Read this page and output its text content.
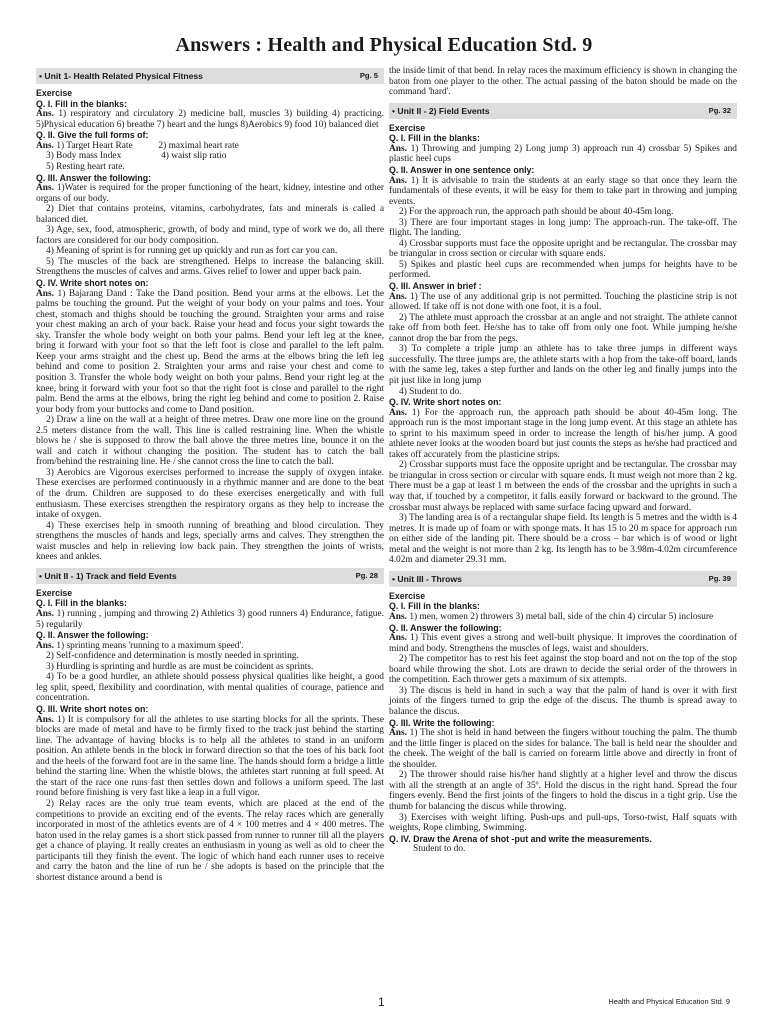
Answers : Health and Physical Education Std. 9
• Unit 1- Health Related Physical Fitness	Pg. 5
Exercise
Q. I. Fill in the blanks:

Ans. 1) respiratory and circulatory 2) medicine ball, muscles 3) building 4) practicing. 5)Physical education 6) breathe 7) heart and the lungs 8)Aerobics 9) food 10) balanced diet

Q. II. Give the full forms of:

Ans. 1) Target Heart Rate           2) maximal heart rate

3) Body mass Index                 4) waist slip ratio

5) Resting heart rate.

Q. III. Answer the following:

Ans. 1)Water is required for the proper functioning of the heart, kidney, intestine and other organs of our body.

2) Diet that contains proteins, vitamins, carbohydrates, fats and minerals is called a balanced diet.

3) Age, sex, food, atmospheric, growth, of body and mind, type of work we do, all there factors are considered for our body composition.

4) Meaning of sprint is for running get up quickly and run as fort car you can.

5) The muscles of the back are strengthened. Helps to increase the balancing skill. Strengthens the muscles of calves and arms. Gives relief to lower and upper back pain.

Q. IV. Write short notes on:

Ans. 1) Bajarang Dand : Take the Dand position. Bend your arms at the elbows. Let the palms be touching the ground. Put the weight of your body on your palms and toes. Your chest, stomach and thighs should be touching the ground. Straighten your arms and raise your chest making an arch of your back. Raise your head and focus your sight towards the sky. Transfer the whole body weight on both your palms. Bend your left leg at the knee, bring it forward with your foot so that the left foot is close and parallel to the left palm. Keep your arms straight and the chest up. Bend the arms at the elbows bring the left leg behind and come to position 2. Straighten your arms and raise your chest and come to position 3. Transfer the whole body weight on both your palms. Bend your right leg at the knee, bring it forward with your foot so that the right foot is close and parallel to the right palm. Bend the arms at the elbows, bring the right leg behind and come to position 2. Raise your body from your buttocks and come to Dand position.

2) Draw a line on the wall at a height of three metres. Draw one more line on the ground 2.5 meters distance from the wall. This line is called restraining line. When the whistle blows he / she is supposed to throw the ball above the three metres line, bounce it on the wall and catch it without changing the position. The student has to catch the ball from/behind the restraining line. He / she cannot cross the line to catch the ball.

3) Aerobics are Vigorous exercises performed to increase the supply of oxygen intake. These exercises are performed continuously in a rhythmic manner and are done to the beat of the drum. Children are supposed to do these exercises energetically and with full enthusiasm. These exercises strengthen the respiratory organs as they help to increase the intake of oxygen.

4) These exercises help in smooth running of breathing and blood circulation. They strengthens the muscles of hands and legs, specially arms and calves. They strengthen the waist muscles and help in relieving low back pain. They strengthen the joints of wrists, knees and ankles.

• Unit II - 1) Track and field Events	Pg. 28
Exercise
Q. I. Fill in the blanks:

Ans. 1) running , jumping and throwing 2) Athletics 3) good runners 4) Endurance, fatigue. 5) regularily

Q. II. Answer the following:

Ans. 1) sprinting means 'running to a maximum speed'.

2) Self-confidence and determination is mostly needed in sprinting.

3) Hurdling is sprinting and hurdle as are must be coincident as sprints.

4) To be a good hurdler, an athlete should possess physical qualities like height, a good leg split, speed, flexibility and coordination, with mental qualities of courage, patience and concentration.

Q. III. Write short notes on:

Ans. 1) It is compulsory for all the athletes to use starting blocks for all the sprints. These blocks are made of metal and have to be firmly fixed to the track just behind the starting line. The advantage of having blocks is to help all the athletes to stand in an uniform position. An athlete bends in the block in forward direction so that the toes of his back foot and the heels of the forward foot are in the same line. The hands should form a bridge a little behind the starting line. When the whistle blows, the athletes start running at full speed. At the start of the race one runs fast then settles down and follows a uniform speed. The last round before finishing is very fast like a leap in a full vigor.

2) Relay races are the only true team events, which are placed at the end of the competitions to provide an exciting end of the events. The relay races which are generally incorporated in most of the athletics events are of 4 × 100 metres and 4 × 400 metres. The baton used in the relay games is a short stick passed from runner to runner till all the players get a chance of playing. It really creates an enthusiasm in young as well as old to cheer the participants till they finish the event. The logic of which hand each runner uses to receive and carry the baton and the line of run he / she adopts is based on the principle that the shortest distance around a bend is

the inside limit of that bend. In relay races the maximum efficiency is shown in changing the baton from one player to the other. The actual passing of the baton should be made on the command 'hard'.

• Unit II - 2) Field Events	Pg. 32
Exercise
Q. I. Fill in the blanks:

Ans. 1) Throwing and jumping 2) Long jump 3) approach run 4) crossbar 5) Spikes and plastic heel cups

Q. II. Answer in one sentence only:

Ans. 1) It is advisable to train the students at an early stage so that once they learn the fundamentals of these events, it will be easy for them to take part in throwing and jumping events.

2) For the approach run, the approach path should be about 40-45m long.

3) There are four important stages in long jump: The approach-run. The take-off. The flight. The landing.

4) Crossbar supports must face the opposite upright and be rectangular. The crossbar may be triangular in cross section or circular with square ends.

5) Spikes and plastic heel cups are recommended when jumps for heights have to be performed.

Q. III. Answer in brief :

Ans. 1) The use of any additional grip is not permitted. Touching the plasticine strip is not allowed. If take off is not done with one foot, it is a foul.

2) The athlete must approach the crossbar at an angle and not straight. The athlete cannot take off from both feet. He/she has to take off from only one foot. While jumping he/she cannot drop the bar from the pegs.

3) To complete a triple jump an athlete has to take three jumps in different ways successfully. The three jumps are, the athlete starts with a hop from the take-off board, lands with the same leg, takes a step further and lands on the other leg and finally jumps into the pit just like in long jump

4) Student to do.

Q. IV. Write short notes on:

Ans. 1) For the approach run, the approach path should be about 40-45m long. The approach run is the most important stage in the long jump event. At this stage an athlete has to sprint to his maximum speed in order to increase the length of his/her jump. A good athlete never looks at the wooden board but just counts the steps as he/she had practiced and takes off accurately from the plasticine strips.

2) Crossbar supports must face the opposite upright and be rectangular. The crossbar may be triangular in cross section or circular with square ends. It must weigh not more than 2 kg. There must be a gap at least 1 m between the ends of the crossbar and the uprights in such a way that, if touched by a competitor, it falls easily forward or backward to the ground. The crossbar must always be replaced with same surface facing upward and forward.

3) The landing area is of a rectangular shape field. Its length is 5 metres and the width is 4 metres. It is made up of foam or with sponge mats. It has 15 to 20 m space for approach run on either side of the landing pit. There should be a cross – bar which is of wood or light metal and the weight is not more than 2 kg. Its length has to be 3.98m-4.02m circumference 4.02m and diameter 29.31 mm.

• Unit III - Throws	Pg. 39
Exercise
Q. I. Fill in the blanks:

Ans. 1) men, women 2) throwers 3) metal ball, side of the chin 4) circular 5) inclosure

Q. II. Answer the following:

Ans. 1) This event gives a strong and well-built physique. It improves the coordination of mind and body. Strengthens the muscles of legs, waist and shoulders.

2) The competitor has to rest his feet against the stop board and not on the top of the stop board while throwing the shot. Lots are drawn to decide the serial order of the throwers in the competition. Each thrower gets a maximum of six attempts.

3) The discus is held in hand in such a way that the palm of hand is over it with first joints of the fingers turned to grip the edge of the discus. The thumb is spread away to balance the discus.

Q. III. Write the following:

Ans. 1) The shot is held in hand between the fingers without touching the palm. The thumb and the little finger is placed on the sides for balance. The ball is held near the shoulder and the cheek. The weight of the ball is carried on forearm little above and directly in front of the shoulder.

2) The thrower should raise his/her hand slightly at a higher level and throw the discus with all the strength at an angle of 35º. Hold the discus in the right hand. Spread the four fingers evenly. Bend the first joints of the fingers to hold the discus in a tight grip. Use the thumb for balancing the discus while throwing.

3) Exercises with weight lifting. Push-ups and pull-ups, Torso-twist, Half squats with weights, Rope climbing, Swimming.

Q. IV. Draw the Arena of shot -put and write the measurements.

Student to do.

1	Health and Physical Education Std. 9
